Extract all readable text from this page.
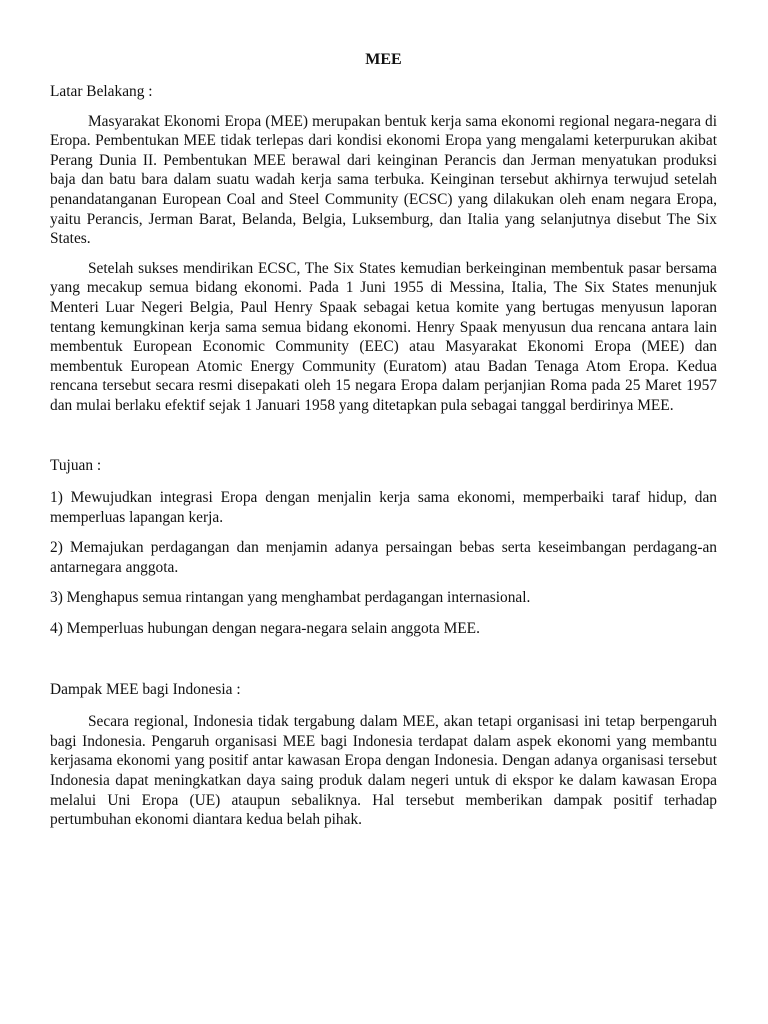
MEE
Latar Belakang :

Masyarakat Ekonomi Eropa (MEE) merupakan bentuk kerja sama ekonomi regional negara-negara di Eropa. Pembentukan MEE tidak terlepas dari kondisi ekonomi Eropa yang mengalami keterpurukan akibat Perang Dunia II. Pembentukan MEE berawal dari keinginan Perancis dan Jerman menyatukan produksi baja dan batu bara dalam suatu wadah kerja sama terbuka. Keinginan tersebut akhirnya terwujud setelah penandatanganan European Coal and Steel Community (ECSC) yang dilakukan oleh enam negara Eropa, yaitu Perancis, Jerman Barat, Belanda, Belgia, Luksemburg, dan Italia yang selanjutnya disebut The Six States.

Setelah sukses mendirikan ECSC, The Six States kemudian berkeinginan membentuk pasar bersama yang mecakup semua bidang ekonomi. Pada 1 Juni 1955 di Messina, Italia, The Six States menunjuk Menteri Luar Negeri Belgia, Paul Henry Spaak sebagai ketua komite yang bertugas menyusun laporan tentang kemungkinan kerja sama semua bidang ekonomi. Henry Spaak menyusun dua rencana antara lain membentuk European Economic Community (EEC) atau Masyarakat Ekonomi Eropa (MEE) dan membentuk European Atomic Energy Community (Euratom) atau Badan Tenaga Atom Eropa. Kedua rencana tersebut secara resmi disepakati oleh 15 negara Eropa dalam perjanjian Roma pada 25 Maret 1957 dan mulai berlaku efektif sejak 1 Januari 1958 yang ditetapkan pula sebagai tanggal berdirinya MEE.

Tujuan :

1) Mewujudkan integrasi Eropa dengan menjalin kerja sama ekonomi, memperbaiki taraf hidup, dan memperluas lapangan kerja.

2) Memajukan perdagangan dan menjamin adanya persaingan bebas serta keseimbangan perdagang-an antarnegara anggota.

3) Menghapus semua rintangan yang menghambat perdagangan internasional.

4) Memperluas hubungan dengan negara-negara selain anggota MEE.

Dampak MEE bagi Indonesia :

Secara regional, Indonesia tidak tergabung dalam MEE, akan tetapi organisasi ini tetap berpengaruh bagi Indonesia. Pengaruh organisasi MEE bagi Indonesia terdapat dalam aspek ekonomi yang membantu kerjasama ekonomi yang positif antar kawasan Eropa dengan Indonesia. Dengan adanya organisasi tersebut Indonesia dapat meningkatkan daya saing produk dalam negeri untuk di ekspor ke dalam kawasan Eropa melalui Uni Eropa (UE) ataupun sebaliknya. Hal tersebut memberikan dampak positif terhadap pertumbuhan ekonomi diantara kedua belah pihak.
